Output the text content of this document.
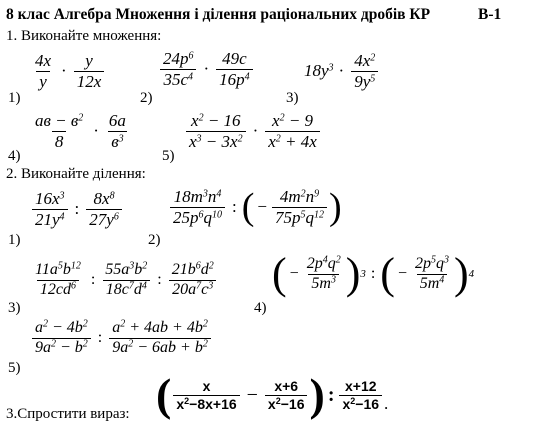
8 клас Алгебра Множення і ділення раціональних дробів КР	В-1
1. Виконайте множення:
1)
$\frac{4x}{y} \cdot \frac{y}{12x}$
2)
$\frac{24p^6}{35c^4} \cdot \frac{49c}{16p^4}$
3)
$18y^3 \cdot \frac{4x^2}{9y^5}$
4)
$\frac{ав - в^2}{8} \cdot \frac{6а}{в^3}$
5)
$\frac{x^2 - 16}{x^3 - 3x^2} \cdot \frac{x^2 - 9}{x^2 + 4x}$
2. Виконайте ділення:
1)
$\frac{16x^3}{21y^4}$ : $\frac{8x^8}{27y^6}$
2)
$\frac{18m^3n^4}{25p^6q^{10}}$ : ( − $\frac{4m^2n^9}{75p^5q^{12}}$ )
3)
$\frac{11a^5b^{12}}{12cd^6}$ : $\frac{55a^3b^2}{18c^7d^4}$ : $\frac{21b^6d^2}{20a^7c^3}$
4)
( − $\frac{2p^4q^2}{5m^3}$ ) 3 : ( − $\frac{2p^5q^3}{5m^4}$ ) 4
5)
$\frac{a^2 - 4b^2}{9a^2 - b^2}$ : $\frac{a^2 + 4ab + 4b^2}{9a^2 - 6ab + b^2}$
3.Спростити вираз: ( $\frac{x}{x^2-8x+16} - \frac{x+6}{x^2-16}$ ) : $\frac{x+12}{x^2-16}$ .
